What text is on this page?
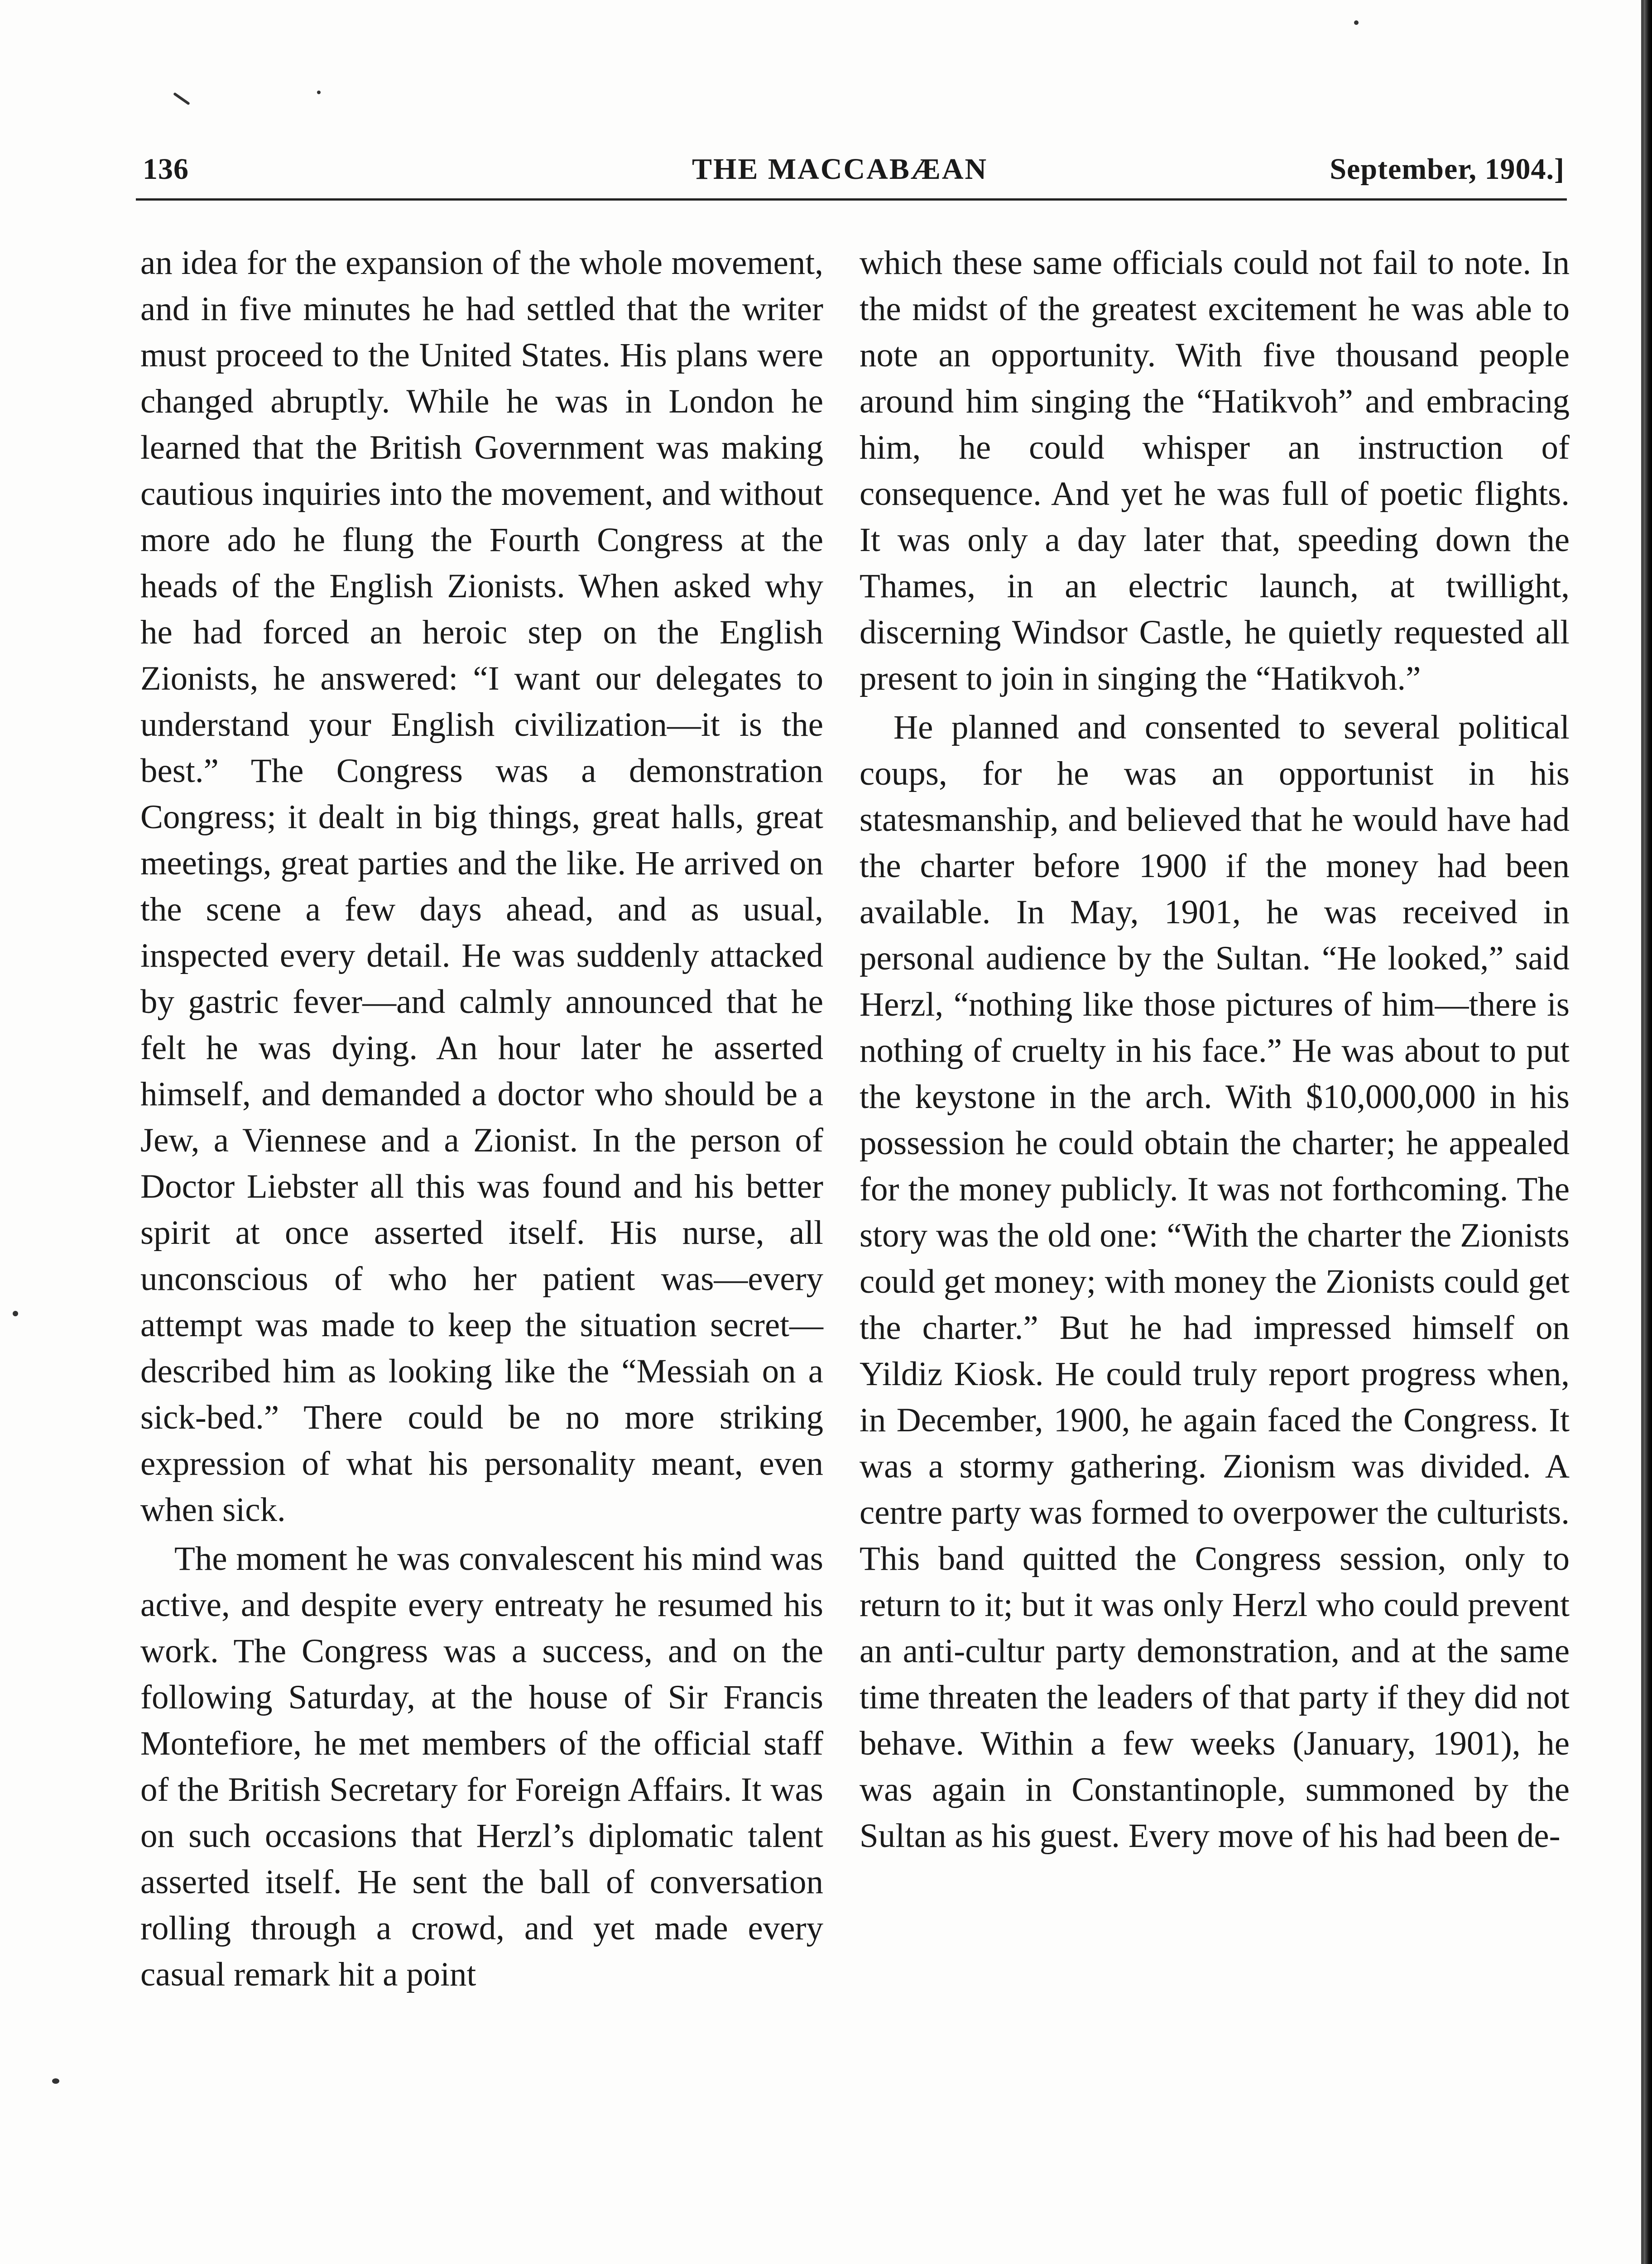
136	THE MACCABÆAN	September, 1904.]

an idea for the expansion of the whole movement, and in five minutes he had settled that the writer must proceed to the United States. His plans were changed abruptly. While he was in London he learned that the British Government was making cautious inquiries into the movement, and without more ado he flung the Fourth Congress at the heads of the English Zionists. When asked why he had forced an heroic step on the English Zionists, he answered: “I want our delegates to understand your English civilization—it is the best.” The Congress was a demonstration Congress; it dealt in big things, great halls, great meetings, great parties and the like. He arrived on the scene a few days ahead, and as usual, inspected every detail. He was suddenly attacked by gastric fever—and calmly announced that he felt he was dying. An hour later he asserted himself, and demanded a doctor who should be a Jew, a Viennese and a Zionist. In the person of Doctor Liebster all this was found and his better spirit at once asserted itself. His nurse, all unconscious of who her patient was—every attempt was made to keep the situation secret—described him as looking like the “Messiah on a sick-bed.” There could be no more striking expression of what his personality meant, even when sick.

The moment he was convalescent his mind was active, and despite every entreaty he resumed his work. The Congress was a success, and on the following Saturday, at the house of Sir Francis Montefiore, he met members of the official staff of the British Secretary for Foreign Affairs. It was on such occasions that Herzl’s diplomatic talent asserted itself. He sent the ball of conversation rolling through a crowd, and yet made every casual remark hit a point

which these same officials could not fail to note. In the midst of the greatest excitement he was able to note an opportunity. With five thousand people around him singing the “Hatikvoh” and embracing him, he could whisper an instruction of consequence. And yet he was full of poetic flights. It was only a day later that, speeding down the Thames, in an electric launch, at twillight, discerning Windsor Castle, he quietly requested all present to join in singing the “Hatikvoh.”

He planned and consented to several political coups, for he was an opportunist in his statesmanship, and believed that he would have had the charter before 1900 if the money had been available. In May, 1901, he was received in personal audience by the Sultan. “He looked,” said Herzl, “nothing like those pictures of him—there is nothing of cruelty in his face.” He was about to put the keystone in the arch. With $10,000,000 in his possession he could obtain the charter; he appealed for the money publicly. It was not forthcoming. The story was the old one: “With the charter the Zionists could get money; with money the Zionists could get the charter.” But he had impressed himself on Yildiz Kiosk. He could truly report progress when, in December, 1900, he again faced the Congress. It was a stormy gathering. Zionism was divided. A centre party was formed to overpower the culturists. This band quitted the Congress session, only to return to it; but it was only Herzl who could prevent an anti-cultur party demonstration, and at the same time threaten the leaders of that party if they did not behave. Within a few weeks (January, 1901), he was again in Constantinople, summoned by the Sultan as his guest. Every move of his had been de-
